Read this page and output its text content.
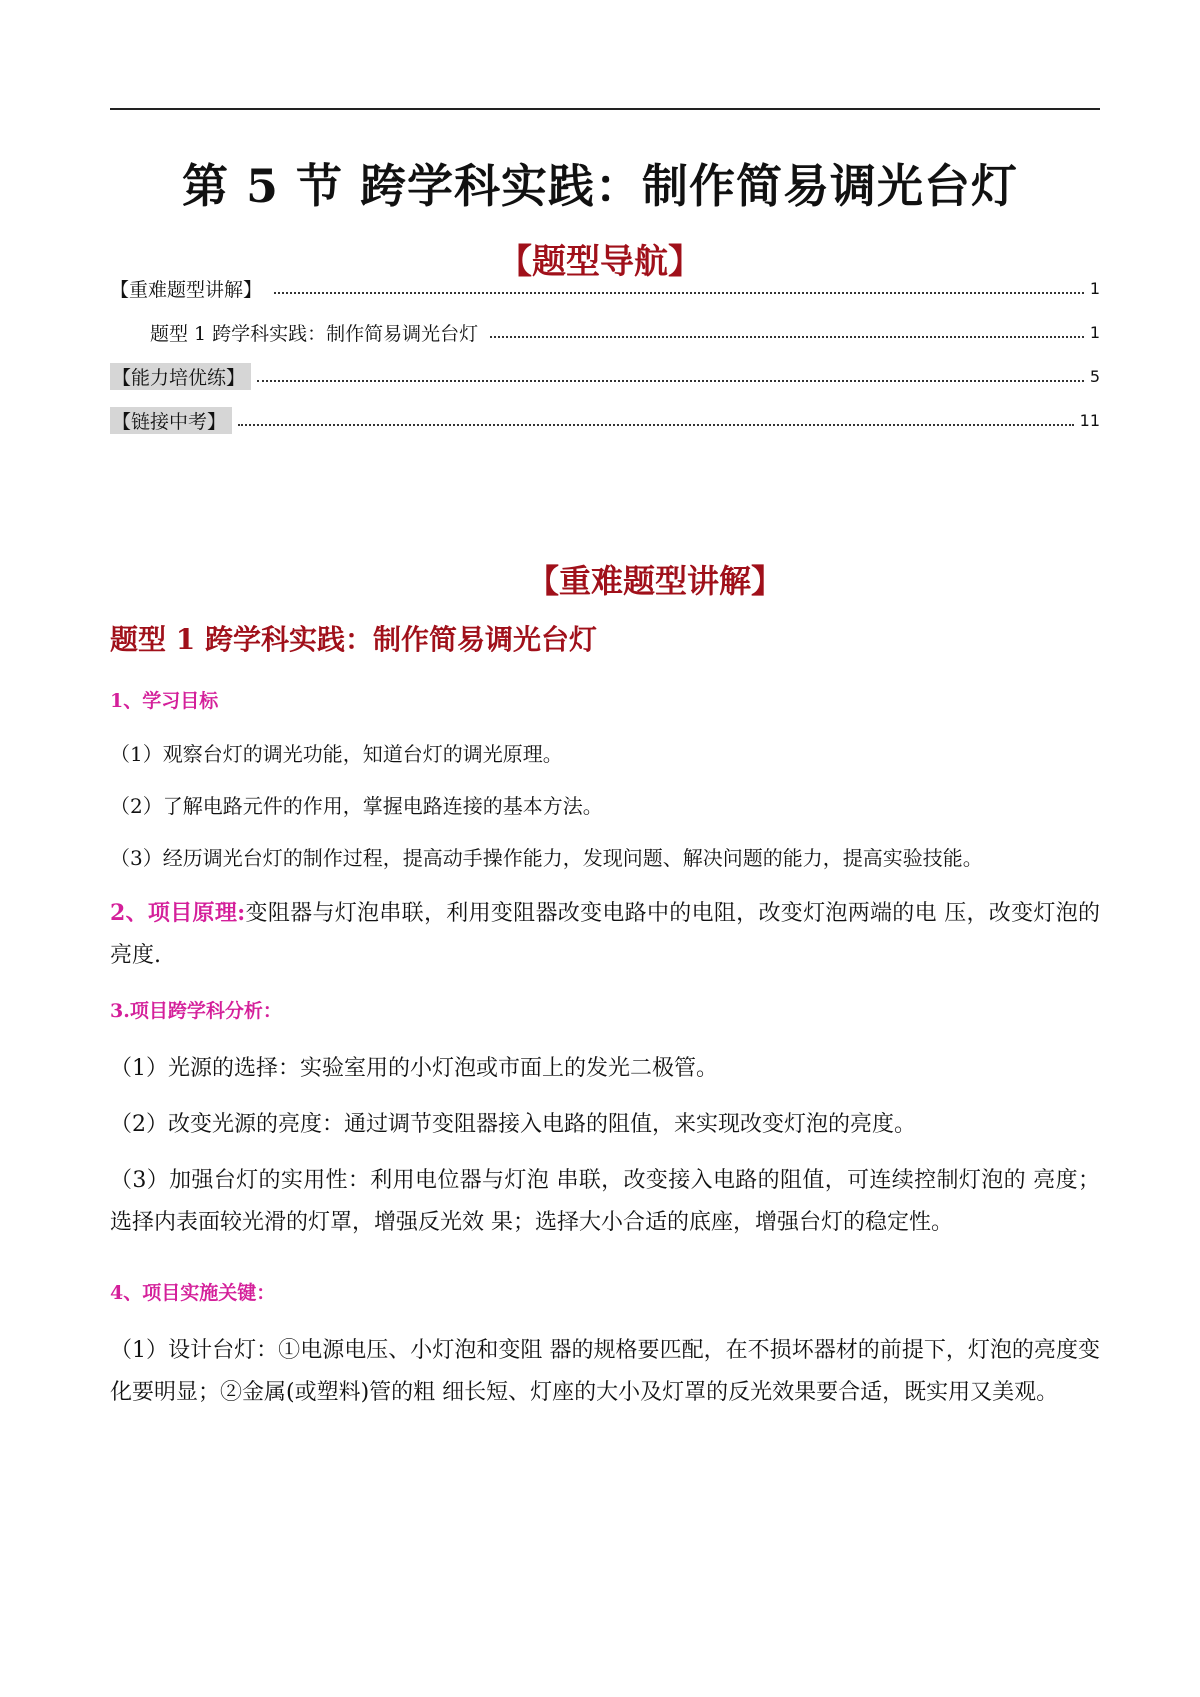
第 5 节 跨学科实践：制作简易调光台灯
【题型导航】
【重难题型讲解】	1
题型 1 跨学科实践：制作简易调光台灯	1
【能力培优练】	5
【链接中考】	11
【重难题型讲解】
题型 1 跨学科实践：制作简易调光台灯
1、学习目标
（1）观察台灯的调光功能，知道台灯的调光原理。
（2）了解电路元件的作用，掌握电路连接的基本方法。
（3）经历调光台灯的制作过程，提高动手操作能力，发现问题、解决问题的能力，提高实验技能。
2、项目原理:变阻器与灯泡串联，利用变阻器改变电路中的电阻，改变灯泡两端的电 压，改变灯泡的亮度.
3.项目跨学科分析：
（1）光源的选择：实验室用的小灯泡或市面上的发光二极管。
（2）改变光源的亮度：通过调节变阻器接入电路的阻值，来实现改变灯泡的亮度。
（3）加强台灯的实用性：利用电位器与灯泡 串联，改变接入电路的阻值，可连续控制灯泡的 亮度；选择内表面较光滑的灯罩，增强反光效 果；选择大小合适的底座，增强台灯的稳定性。
4、项目实施关键：
（1）设计台灯：①电源电压、小灯泡和变阻 器的规格要匹配，在不损坏器材的前提下，灯泡的亮度变化要明显；②金属(或塑料)管的粗 细长短、灯座的大小及灯罩的反光效果要合适，既实用又美观。
